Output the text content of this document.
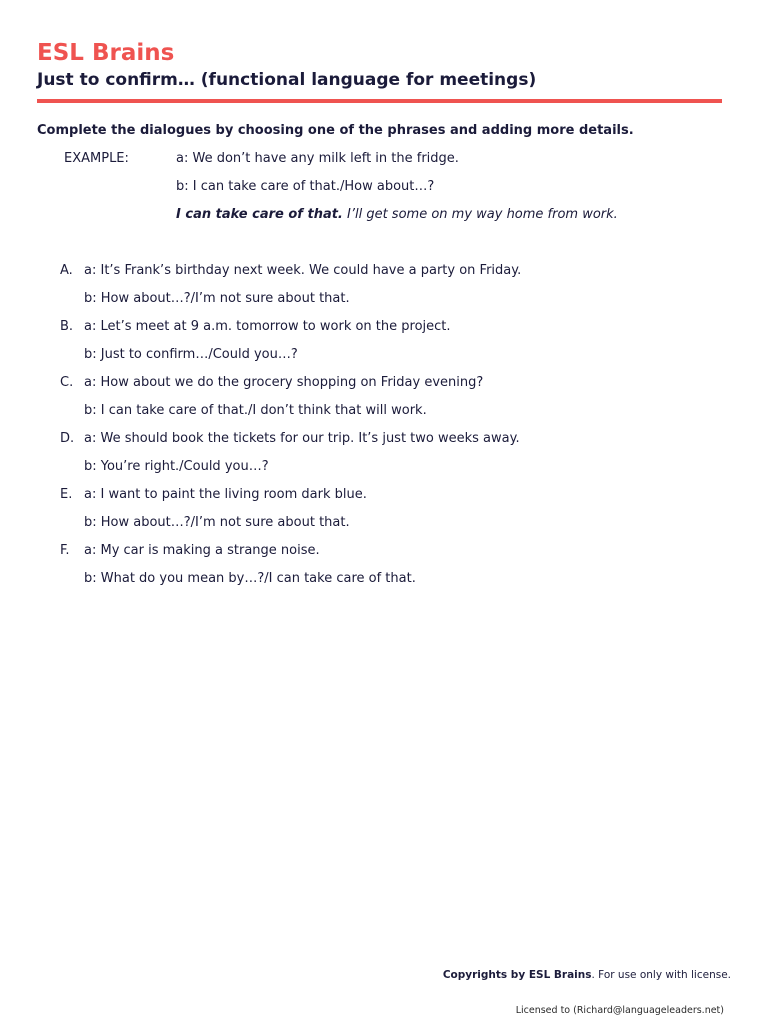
ESL Brains
Just to confirm… (functional language for meetings)
Complete the dialogues by choosing one of the phrases and adding more details.
EXAMPLE:	a: We don’t have any milk left in the fridge.
b: I can take care of that./How about…?
I can take care of that. I’ll get some on my way home from work.
A. a: It’s Frank’s birthday next week. We could have a party on Friday.
b: How about…?/I’m not sure about that.
B. a: Let’s meet at 9 a.m. tomorrow to work on the project.
b: Just to confirm…/Could you…?
C. a: How about we do the grocery shopping on Friday evening?
b: I can take care of that./I don’t think that will work.
D. a: We should book the tickets for our trip. It’s just two weeks away.
b: You’re right./Could you…?
E. a: I want to paint the living room dark blue.
b: How about…?/I’m not sure about that.
F. a: My car is making a strange noise.
b: What do you mean by…?/I can take care of that.
Copyrights by ESL Brains. For use only with license.
Licensed to (Richard@languageleaders.net)
